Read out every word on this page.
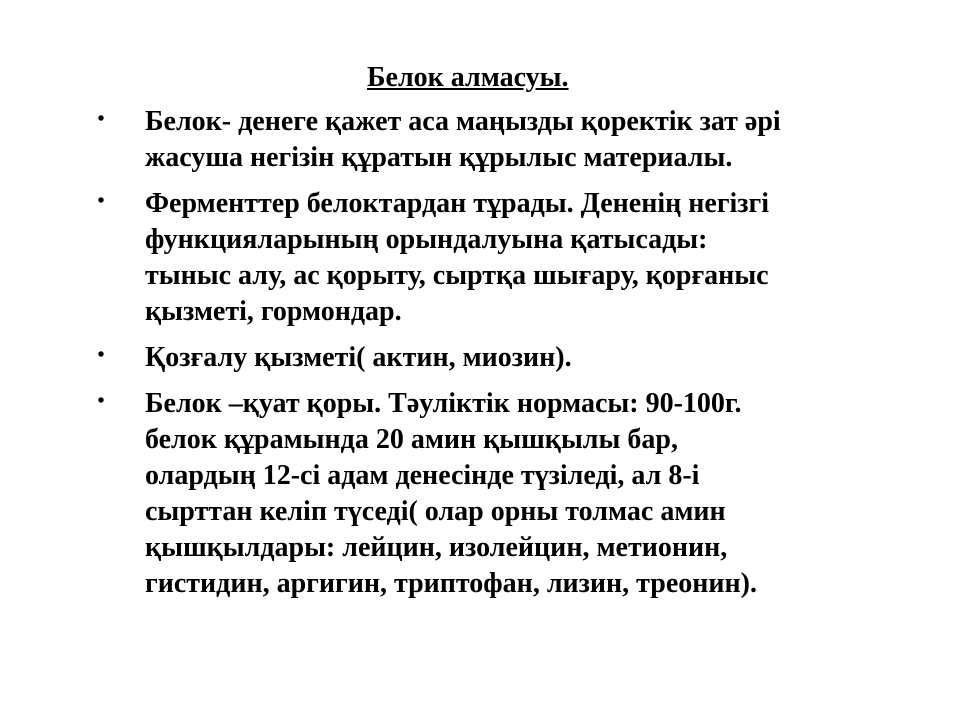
Белок алмасуы.
•	Белок- денеге қажет аса маңызды қоректік зат әрі
жасуша негізін құратын құрылыс материалы.
•	Ферменттер белоктардан тұрады. Дененің негізгі
функцияларының орындалуына қатысады:
тыныс алу, ас қорыту, сыртқа шығару, қорғаныс
қызметі, гормондар.
•	Қозғалу қызметі( актин, миозин).
•	Белок –қуат қоры. Тәуліктік нормасы: 90-100г.
белок құрамында 20 амин қышқылы бар,
олардың 12-сі адам денесінде түзіледі, ал 8-і
сырттан келіп түседі( олар орны толмас амин
қышқылдары: лейцин, изолейцин, метионин,
гистидин, аргигин, триптофан, лизин, треонин).
